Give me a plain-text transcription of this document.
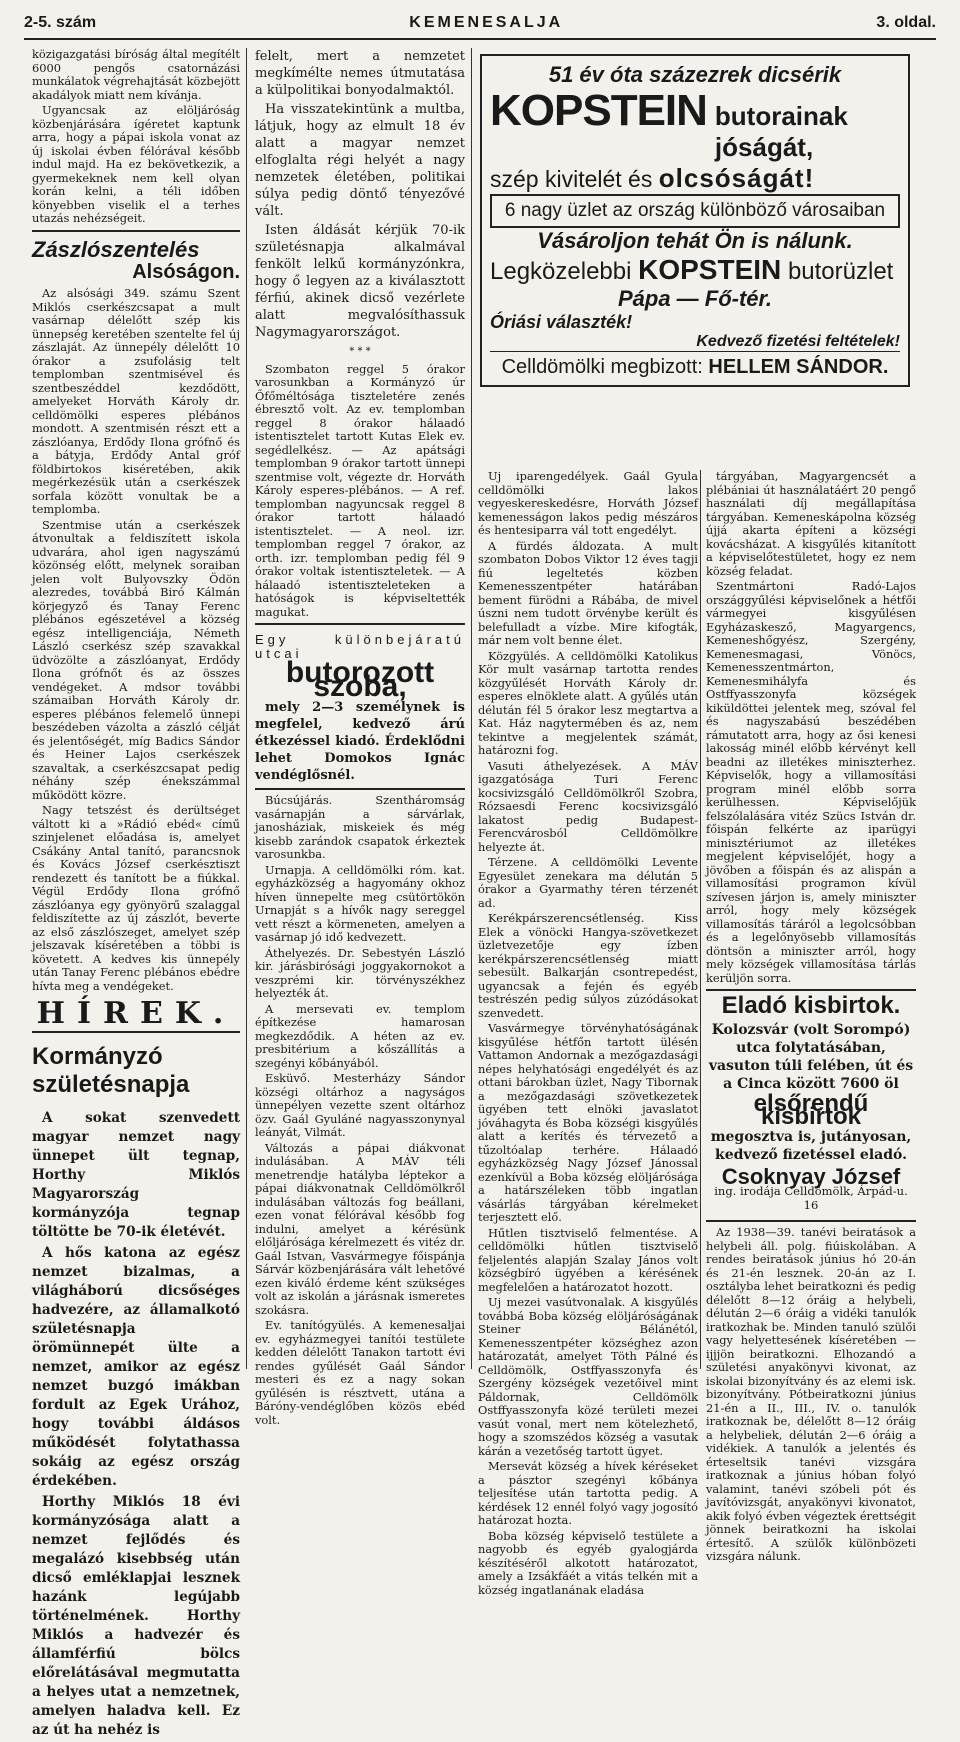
2-5. szám	KEMENESALJA	3. oldal.

közigazgatási bíróság által megítélt 6000 pengős csatornázási munkálatok végrehajtását közbejött akadályok miatt nem kívánja.

Ugyancsak az elöljáróság közbenjárására ígéretet kaptunk arra, hogy a pápai iskola vonat az új iskolai évben félórával később indul majd. Ha ez bekövetkezik, a gyermekeknek nem kell olyan korán kelni, a téli időben könyebben viselik el a terhes utazás nehézségeit.

Zászlószentelés
Alsóságon.

Az alsósági 349. számu Szent Miklós cserkészcsapat a mult vasárnap délelőtt szép kis ünnepség keretében szentelte fel új zászlaját. Az ünnepély délelőtt 10 órakor a zsufolásig telt templomban szentmisével és szentbeszéddel kezdődött, amelyeket Horváth Károly dr. celldömölki esperes plébános mondott. A szentmisén részt ett a zászlóanya, Erdődy Ilona grófnő és a bátyja, Erdődy Antal gróf földbirtokos kiséretében, akik megérkezésük után a cserkészek sorfala között vonultak be a templomba.

Szentmise után a cserkészek átvonultak a feldiszített iskola udvarára, ahol igen nagyszámú közönség előtt, melynek soraiban jelen volt Bulyovszky Ödön alezredes, továbbá Biró Kálmán körjegyző és Tanay Ferenc plébános egészetével a község egész intelligenciája, Németh László cserkész szép szavakkal üdvözölte a zászlóanyat, Erdődy Ilona grófnőt és az összes vendégeket. A mdsor további számaiban Horváth Károly dr. esperes plébános felemelő ünnepi beszédeben vázolta a zászló célját és jelentőségét, míg Badics Sándor és Heiner Lajos cserkészek szavaltak, a cserkészcsapat pedig néhány szép énekszámmal működött közre.

Nagy tetszést és derültséget váltott ki a »Rádió ebéd« című szinjelenet előadása is, amelyet Csákány Antal tanító, parancsnok és Kovács József cserkésztiszt rendezett és tanított be a fiúkkal. Végül Erdődy Ilona grófnő zászlóanya egy gyönyörű szalaggal feldiszítette az új zászlót, beverte az első zászlószeget, amelyet szép jelszavak kíséretében a többi is követett. A kedves kis ünnepély után Tanay Ferenc plébános ebédre hívta meg a vendégeket.

HÍREK.
Kormányzó születésnapja

A sokat szenvedett magyar nemzet nagy ünnepet ült tegnap, Horthy Miklós Magyarország kormányzója tegnap töltötte be 70-ik életévét.

A hős katona az egész nemzet bizalmas, a világháború dicsőséges hadvezére, az államalkotó születésnapja örömünnepét ülte a nemzet, amikor az egész nemzet buzgó imákban fordult az Egek Urához, hogy további áldásos működését folytathassa sokáig az egész ország érdekében.

Horthy Miklós 18 évi kormányzósága alatt a nemzet fejlődés és megalázó kisebbség után dicső emléklapjai lesznek hazánk legújabb történelmének. Horthy Miklós a hadvezér és államférfiú bölcs előrelátásával megmutatta a helyes utat a nemzetnek, amelyen haladva kell. Ez az út ha nehéz is

felelt, mert a nemzetet megkímélte nemes útmutatása a külpolitikai bonyodalmaktól.

Ha visszatekintünk a multba, látjuk, hogy az elmult 18 év alatt a magyar nemzet elfoglalta régi helyét a nagy nemzetek életében, politikai súlya pedig döntő tényezővé vált.

Isten áldását kérjük 70-ik születésnapja alkalmával fenkölt lelkű kormányzónkra, hogy ő legyen az a kiválasztott férfiú, akinek dicső vezérlete alatt megvalósíthassuk Nagymagyarországot.

* * *

Szombaton reggel 5 órakor varosunkban a Kormányzó úr Őfőméltósága tiszteletére zenés ébresztő volt. Az ev. templomban reggel 8 órakor hálaadó istentisztelet tartott Kutas Elek ev. segédlelkész. — Az apátsági templomban 9 órakor tartott ünnepi szentmise volt, végezte dr. Horváth Károly esperes-plébános. — A ref. templomban nagyuncsak reggel 8 órakor tartott hálaadó istentisztelet. — A neol. izr. templomban reggel 7 órakor, az orth. izr. templomban pedig fél 9 órakor voltak istentiszteletek. — A hálaadó istentiszteleteken a hatóságok is képviseltették magukat.

Egy különbejáratú utcai
butorozott szoba,

mely 2—3 személynek is megfelel, kedvező árú étkezéssel kiadó. Érdeklődni lehet Domokos Ignác vendéglősnél.

Búcsújárás. Szentháromság vasárnapján a sárvárlak, janosháziak, miskeiek és még kisebb zarándok csapatok érkeztek varosunkba.

Urnapja. A celldömölki róm. kat. egyházközség a hagyomány okhoz híven ünnepelte meg csütörtökön Urnapját s a hívők nagy sereggel vett részt a körmeneten, amelyen a vasárnap jó idő kedvezett.

Áthelyezés. Dr. Sebestyén László kir. járásbirósági joggyakornokot a veszprémi kir. törvényszékhez helyezték át.

A mersevati ev. templom építkezése hamarosan megkezdődik. A héten az ev. presbitérium a kőszállítás a szegényi kőbányából.

Esküvő. Mesterházy Sándor községi oltárhoz a nagyságos ünnepélyen vezette szent oltárhoz özv. Gaál Gyuláné nagyasszonynyal leányát, Vilmát.

Változás a pápai diákvonat indulásában. A MÁV téli menetrendje hatályba léptekor a pápai diákvonatnak Celldömölkről indulásában változás fog beállani, ezen vonat félórával később fog indulni, amelyet a kérésünk előljárósága kérelmezett és vitéz dr. Gaál Istvan, Vasvármegye főispánja Sárvár közbenjárására vált lehetővé ezen kiváló érdeme ként szükséges volt az iskolán a járásnak ismeretes szokásra.

Ev. tanítógyülés. A kemenesaljai ev. egyházmegyei tanítói testülete kedden délelőtt Tanakon tartott évi rendes gyűlését Gaál Sándor mesteri és ez a nagy sokan gyűlésén is résztvett, utána a Báróny-vendéglőben közös ebéd volt.

51 év óta százezrek dicsérik
KOPSTEIN butorainak jóságát,
szép kivitelét és olcsóságát!
6 nagy üzlet az ország különböző városaiban
Vásároljon tehát Ön is nálunk.
Legközelebbi KOPSTEIN butorüzlet
Pápa — Fő-tér.
Óriási választék!
Kedvező fizetési feltételek!
Celldömölki megbizott: HELLEM SÁNDOR.

Uj iparengedélyek. Gaál Gyula celldömölki lakos vegyeskereskedésre, Horváth József kemenesságon lakos pedig mészáros és hentesiparra vál tott engedélyt.

A fürdés áldozata. A mult szombaton Dobos Viktor 12 éves tagji fiú legeltetés közben Kemenesszentpéter határában bement fürödni a Rábába, de mivel úszni nem tudott örvénybe került és belefulladt a vízbe. Mire kifogták, már nem volt benne élet.

Közgyülés. A celldömölki Katolikus Kör mult vasárnap tartotta rendes közgyűlését Horváth Károly dr. esperes elnöklete alatt. A gyűlés után délután fél 5 órakor lesz megtartva a Kat. Ház nagytermében és az, nem tekintve a megjelentek számát, határozni fog.

Vasuti áthelyezések. A MÁV igazgatósága Turi Ferenc kocsivizsgáló Celldömölkről Szobra, Rózsaesdi Ferenc kocsivizsgáló lakatost pedig Budapest-Ferencvárosból Celldömölkre helyezte át.

Térzene. A celldömölki Levente Egyesület zenekara ma délután 5 órakor a Gyarmathy téren térzenét ad.

Kerékpárszerencsétlenség. Kiss Elek a vönöcki Hangya-szövetkezet üzletvezetője egy ízben kerékpárszerencsétlenség miatt sebesült. Balkarján csontrepedést, ugyancsak a fején és egyéb testrészén pedig súlyos zúzódásokat szenvedett.

Vasvármegye törvényhatóságának kisgyűlése hétfőn tartott ülésén Vattamon Andornak a mezőgazdasági népes helyhatósági engedélyét és az ottani bárokban üzlet, Nagy Tibornak a mezőgazdasági szövetkezetek ügyében tett elnöki javaslatot jóváhagyta és Boba községi kisgyűlés alatt a kerítés és térvezető a tűzoltóalap terhére. Hálaadó egyházközség Nagy József Jánossal ezenkívül a Boba község elöljárósága a határszéleken több ingatlan vásárlás tárgyában kérelmeket terjesztett elő.

Hűtlen tisztviselő felmentése. A celldömölki hűtlen tisztviselő feljelentés alapján Szalay János volt községbíró ügyében a kérésének megfelelően a határozatot hozott.

Uj mezei vasútvonalak. A kisgyűlés továbbá Boba község elöljáróságának Steiner Bélánétól, Kemenesszentpéter községhez azon határozatát, amelyet Töth Pálné és Celldömölk, Ostffyasszonyfa és Szergény községek vezetőivel mint Páldornak, Celldömölk Ostffyasszonyfa közé területi mezei vasút vonal, mert nem kötelezhető, hogy a szomszédos község a vasutak kárán a vezetőség tartott ügyet.

Mersevát község a hívek kéréseket a pásztor szegényi kőbánya teljesítése után tartotta pedig. A kérdések 12 ennél folyó vagy jogosító határozat hozta.

Boba község képviselő testülete a nagyobb és egyéb gyalogjárda készítéséről alkotott határozatot, amely a Izsákfáét a vitás telkén mit a község ingatlanának eladása

tárgyában, Magyargencsét a plébániai út használatáért 20 pengő használati díj megállapítása tárgyában. Kemeneskápolna község újjá akarta építeni a községi kovácsházat. A kisgyűlés kitanított a képviselőtestületet, hogy ez nem község feladat.

Szentmártoni Radó-Lajos országgyűlési képviselőnek a hétfői vármegyei kisgyűlésen Egyházaskesző, Magyargencs, Kemeneshőgyész, Szergény, Kemenesmagasi, Vönöcs, Kemenesszentmárton, Kemenesmihályfa és Ostffyasszonyfa községek kiküldöttei jelentek meg, szóval fel és nagyszabású beszédében rámutatott arra, hogy az ősi kenesi lakosság minél előbb kérvényt kell beadni az illetékes miniszterhez. Képviselők, hogy a villamosítási program minél előbb sorra kerülhessen. Képviselőjük felszólalására vitéz Szücs István dr. főispán felkérte az iparügyi minisztériumot az illetékes megjelent képviselőjét, hogy a jövőben a főispán és az alispán a villamosítási programon kívül szívesen járjon is, amely miniszter arról, hogy mely községek villamosítás táráról a legolcsóbban és a legelőnyösebb villamosítás döntsön a miniszter arról, hogy mely községek villamosítása tárlás kerüljön sorra.

Eladó kisbirtok.
Kolozsvár (volt Sorompó) utca folytatásában, vasuton túli felében, út és a Cinca között 7600 öl
elsőrendű kisbirtok
megosztva is, jutányosan, kedvező fizetéssel eladó.
Csoknyay József
ing. irodája Celldömölk, Árpád-u. 16

Az 1938—39. tanévi beiratások a helybeli áll. polg. fiúiskolában. A rendes beiratások június hó 20-án és 21-én lesznek. 20-án az I. osztályba lehet beiratkozni és pedig délelőtt 8—12 óráig a helybeli, délután 2—6 óráig a vidéki tanulók iratkozhak be. Minden tanuló szülői vagy helyettesének kíséretében — ijjjön beiratkozni. Elhozandó a születési anyakönyvi kivonat, az iskolai bizonyítvány és az elemi isk. bizonyítvány. Pótbeiratkozni június 21-én a II., III., IV. o. tanulók iratkoznak be, délelőtt 8—12 óráig a helybeliek, délután 2—6 óráig a vidékiek. A tanulók a jelentés és érteseltsik tanévi vizsgára iratkoznak a június hóban folyó valamint, tanévi szóbeli pót és javítóvizsgát, anyakönyvi kivonatot, akik folyó évben végeztek érettségit jönnek beiratkozni ha iskolai értesítő. A szülők különbözeti vizsgára nálunk.
